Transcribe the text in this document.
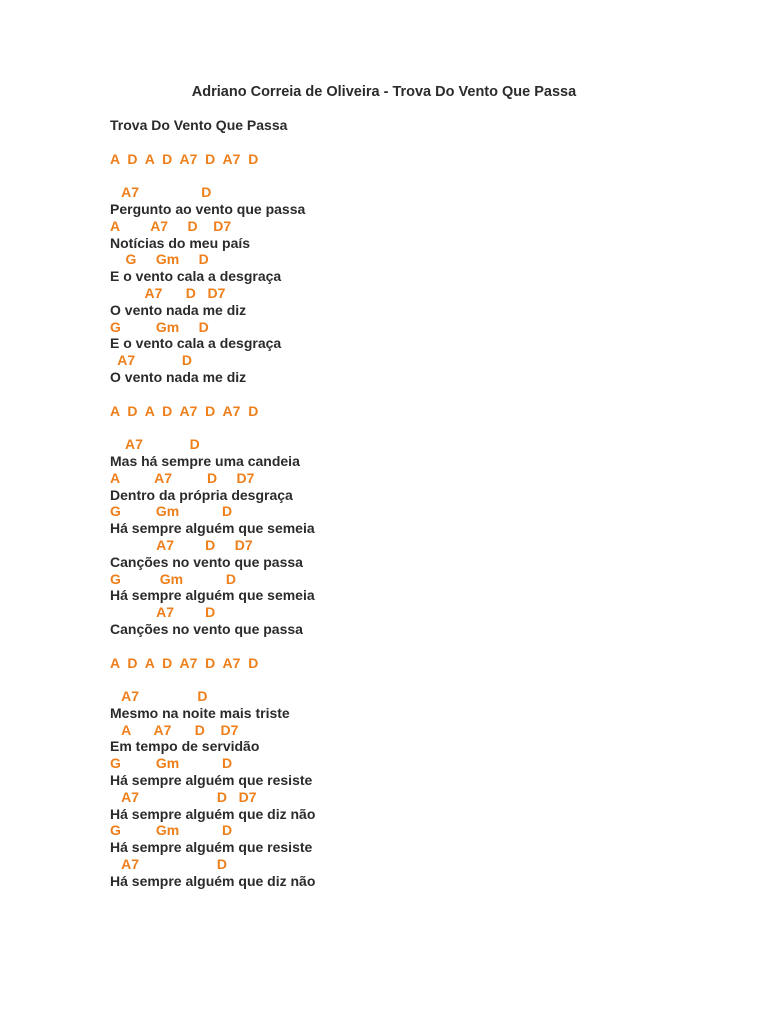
Adriano Correia de Oliveira - Trova Do Vento Que Passa
Trova Do Vento Que Passa
A  D  A  D  A7  D  A7  D
A7                D
Pergunto ao vento que passa
A        A7     D    D7
Notícias do meu país
G     Gm     D
E o vento cala a desgraça
A7      D   D7
O vento nada me diz
G         Gm     D
E o vento cala a desgraça
A7            D
O vento nada me diz
A  D  A  D  A7  D  A7  D
A7            D
Mas há sempre uma candeia
A         A7         D     D7
Dentro da própria desgraça
G         Gm           D
Há sempre alguém que semeia
A7        D     D7
Canções no vento que passa
G          Gm           D
Há sempre alguém que semeia
A7        D
Canções no vento que passa
A  D  A  D  A7  D  A7  D
A7               D
Mesmo na noite mais triste
A      A7      D    D7
Em tempo de servidão
G         Gm           D
Há sempre alguém que resiste
A7                    D   D7
Há sempre alguém que diz não
G         Gm           D
Há sempre alguém que resiste
A7                    D
Há sempre alguém que diz não
